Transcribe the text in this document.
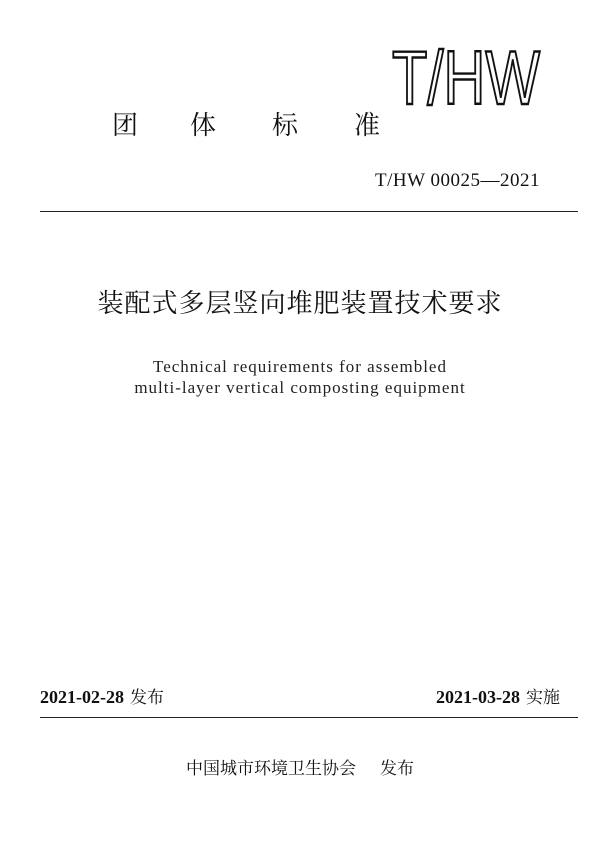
T/HW
团 体 标 准
T/HW 00025—2021
装配式多层竖向堆肥装置技术要求
Technical requirements for assembled
multi-layer vertical composting equipment
2021-02-28 发布	2021-03-28 实施
中国城市环境卫生协会 发布
